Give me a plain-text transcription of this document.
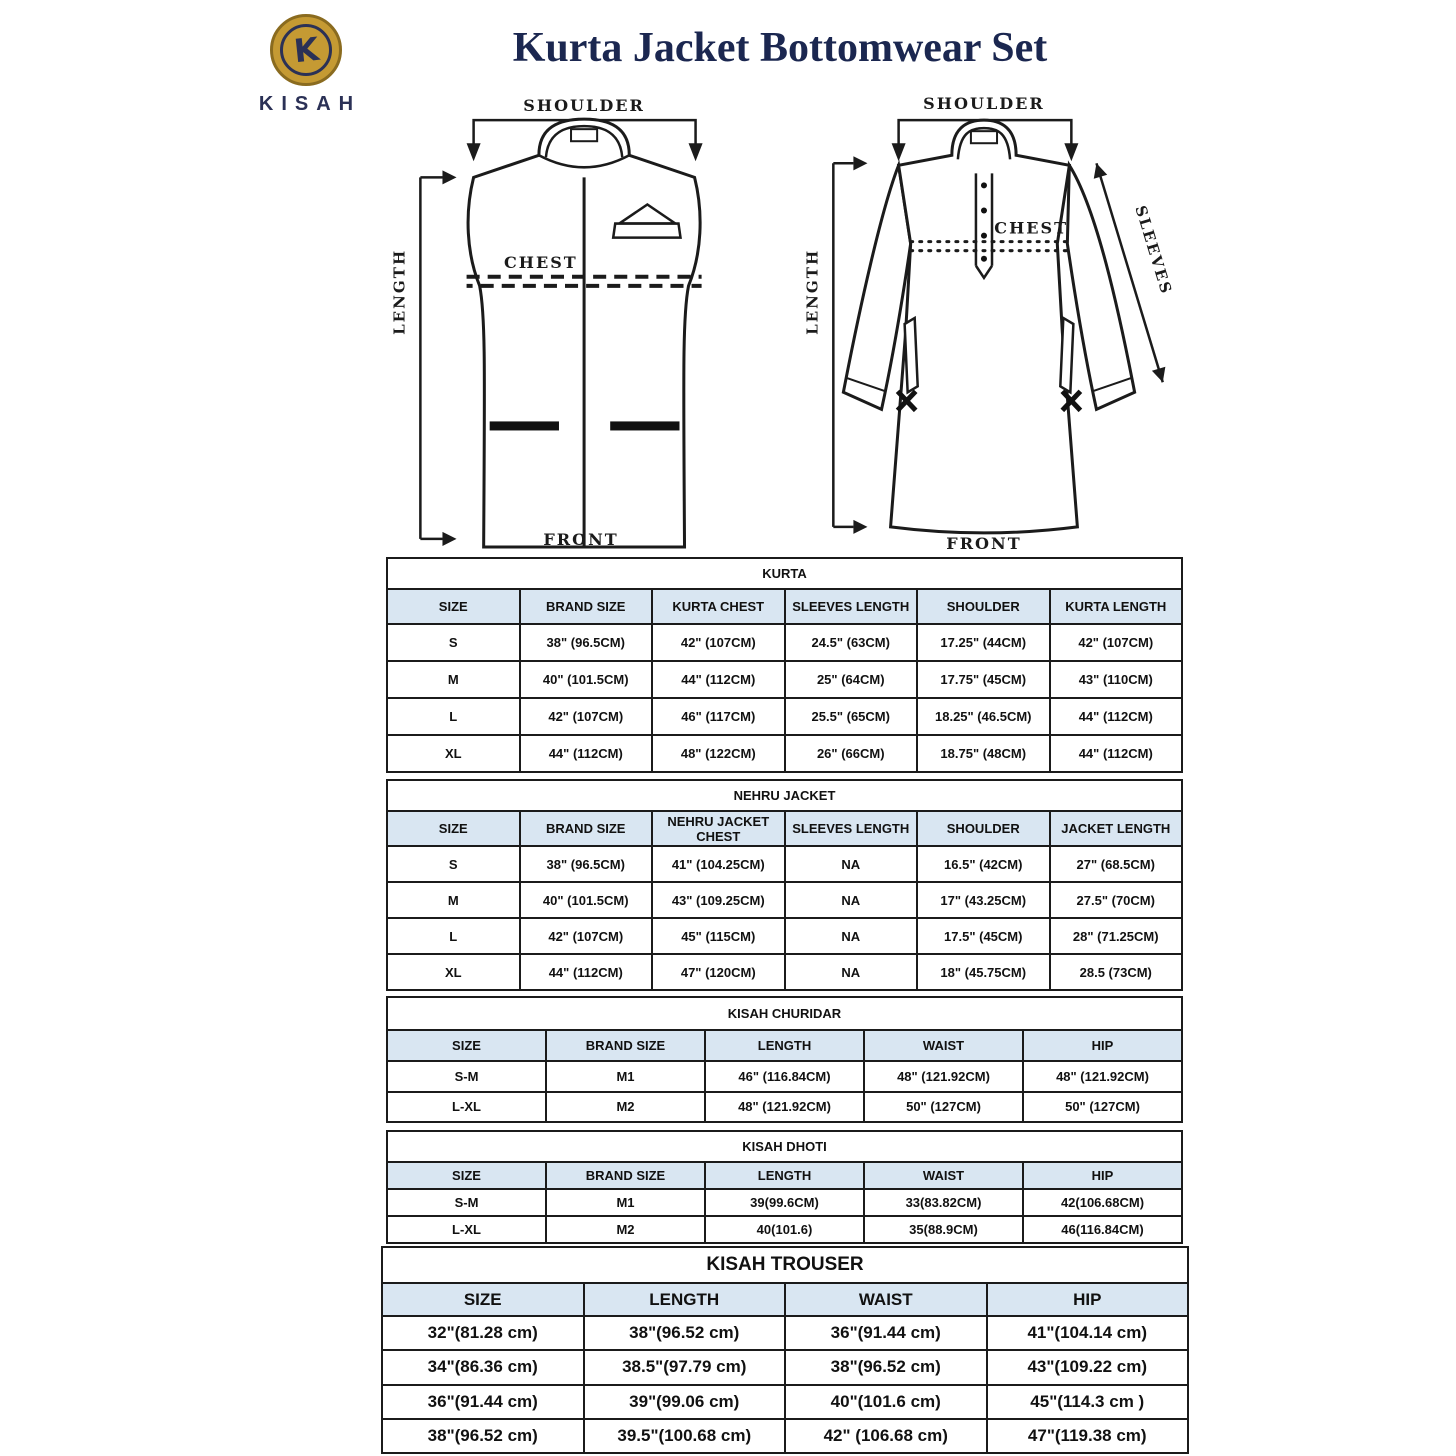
K
KISAH
Kurta Jacket Bottomwear Set
SHOULDER
LENGTH	CHEST
FRONT
SHOULDER
LENGTH	SLEEVES
CHEST
FRONT
KURTA					
SIZE	BRAND SIZE	KURTA CHEST	SLEEVES LENGTH	SHOULDER	KURTA LENGTH
S	38" (96.5CM)	42" (107CM)	24.5" (63CM)	17.25" (44CM)	42" (107CM)
M	40" (101.5CM)	44" (112CM)	25" (64CM)	17.75" (45CM)	43" (110CM)
L	42" (107CM)	46" (117CM)	25.5" (65CM)	18.25" (46.5CM)	44" (112CM)
XL	44" (112CM)	48" (122CM)	26" (66CM)	18.75" (48CM)	44" (112CM)
NEHRU JACKET					
SIZE	BRAND SIZE	NEHRU JACKET CHEST	SLEEVES LENGTH	SHOULDER	JACKET LENGTH
S	38" (96.5CM)	41" (104.25CM)	NA	16.5" (42CM)	27" (68.5CM)
M	40" (101.5CM)	43" (109.25CM)	NA	17" (43.25CM)	27.5" (70CM)
L	42" (107CM)	45" (115CM)	NA	17.5" (45CM)	28" (71.25CM)
XL	44" (112CM)	47" (120CM)	NA	18" (45.75CM)	28.5 (73CM)
KISAH CHURIDAR				
SIZE	BRAND SIZE	LENGTH	WAIST	HIP
S-M	M1	46" (116.84CM)	48" (121.92CM)	48" (121.92CM)
L-XL	M2	48" (121.92CM)	50" (127CM)	50" (127CM)
KISAH DHOTI				
SIZE	BRAND SIZE	LENGTH	WAIST	HIP
S-M	M1	39(99.6CM)	33(83.82CM)	42(106.68CM)
L-XL	M2	40(101.6)	35(88.9CM)	46(116.84CM)
KISAH TROUSER			
SIZE	LENGTH	WAIST	HIP
32"(81.28 cm)	38"(96.52 cm)	36"(91.44 cm)	41"(104.14 cm)
34"(86.36 cm)	38.5"(97.79 cm)	38"(96.52 cm)	43"(109.22 cm)
36"(91.44 cm)	39"(99.06 cm)	40"(101.6 cm)	45"(114.3 cm )
38"(96.52 cm)	39.5"(100.68 cm)	42" (106.68 cm)	47"(119.38 cm)
